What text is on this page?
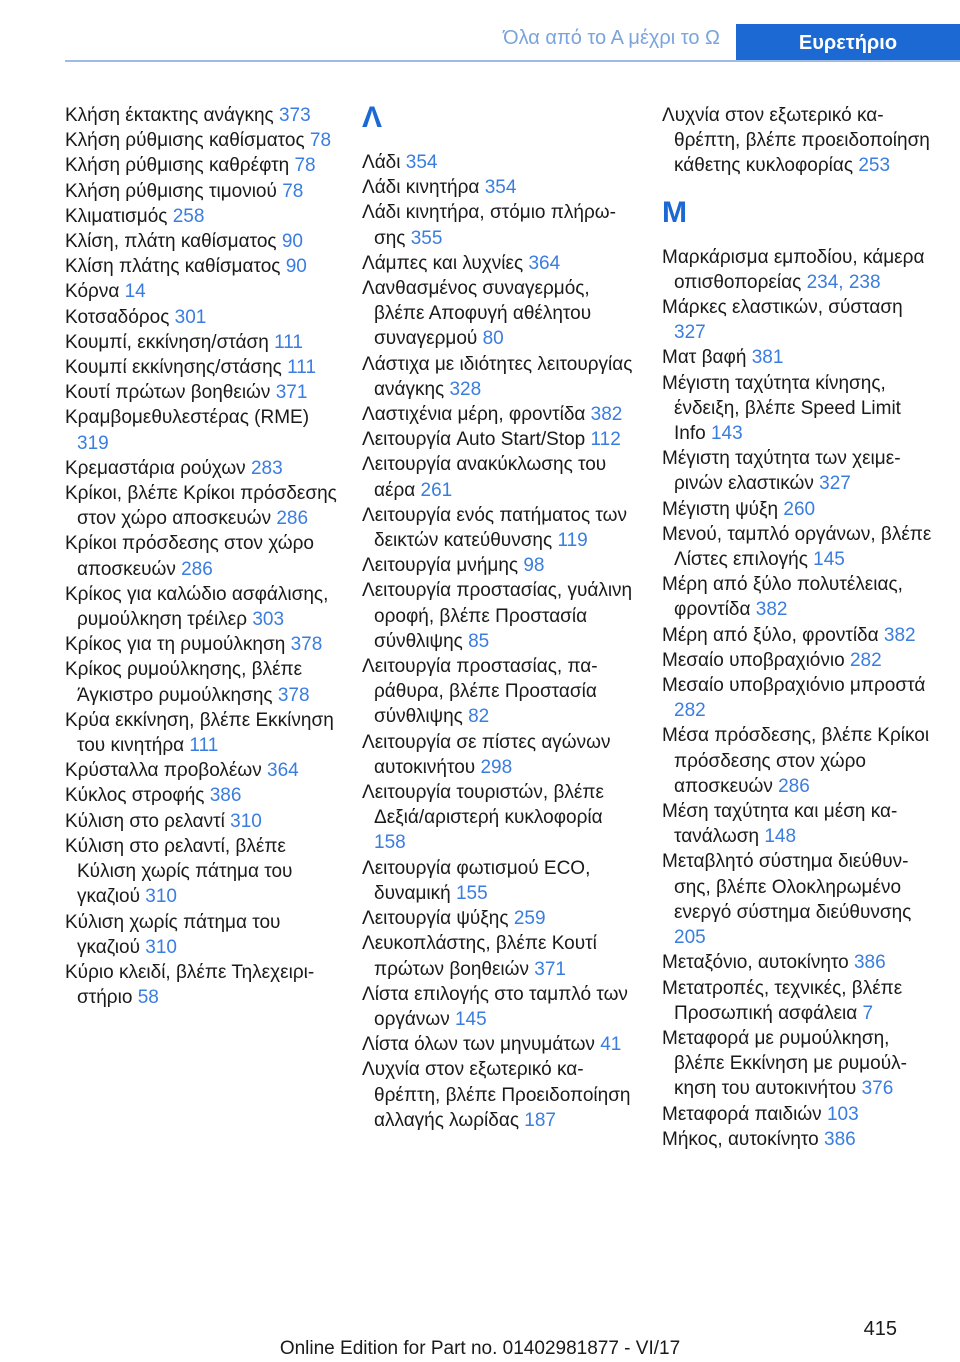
Όλα από το Α μέχρι το Ω	Ευρετήριο
Κλήση έκτακτης ανάγκης 373
Κλήση ρύθμισης καθίσματος 78
Κλήση ρύθμισης καθρέφτη 78
Κλήση ρύθμισης τιμονιού 78
Κλιματισμός 258
Κλίση, πλάτη καθίσματος 90
Κλίση πλάτης καθίσματος 90
Κόρνα 14
Κοτσαδόρος 301
Κουμπί, εκκίνηση/στάση 111
Κουμπί εκκίνησης/​στάσης 111
Κουτί πρώτων βοηθειών 371
Κραμβομεθυλεστέρας (RME) 319
Κρεμαστάρια ρούχων 283
Κρίκοι, βλέπε Κρίκοι πρόσδεσης στον χώρο αποσκευών 286
Κρίκοι πρόσδεσης στον χώρο αποσκευών 286
Κρίκος για καλώδιο ασφάλισης, ρυμούλκηση τρέιλερ 303
Κρίκος για τη ρυμούλκηση 378
Κρίκος ρυμούλκησης, βλέπε Άγκιστρο ρυμούλκησης 378
Κρύα εκκίνηση, βλέπε Εκκίνηση του κινητήρα 111
Κρύσταλλα προβολέων 364
Κύκλος στροφής 386
Κύλιση στο ρελαντί 310
Κύλιση στο ρελαντί, βλέπε Κύλιση χωρίς πάτημα του γκαζιού 310
Κύλιση χωρίς πάτημα του γκαζιού 310
Κύριο κλειδί, βλέπε Τηλεχειριστήριο 58
Λ
Λάδι 354
Λάδι κινητήρα 354
Λάδι κινητήρα, στόμιο πλήρωσης 355
Λάμπες και λυχνίες 364
Λανθασμένος συναγερμός, βλέπε Αποφυγή αθέλητου συναγερμού 80
Λάστιχα με ιδιότητες λειτουργίας ανάγκης 328
Λαστιχένια μέρη, φροντίδα 382
Λειτουργία Auto Start/​Stop 112
Λειτουργία ανακύκλωσης του αέρα 261
Λειτουργία ενός πατήματος των δεικτών κατεύθυνσης 119
Λειτουργία μνήμης 98
Λειτουργία προστασίας, γυάλινη οροφή, βλέπε Προστασία σύνθλιψης 85
Λειτουργία προστασίας, παράθυρα, βλέπε Προστασία σύνθλιψης 82
Λειτουργία σε πίστες αγώνων αυτοκινήτου 298
Λειτουργία τουριστών, βλέπε Δεξιά/αριστερή κυκλοφορία 158
Λειτουργία φωτισμού ECO, δυναμική 155
Λειτουργία ψύξης 259
Λευκοπλάστης, βλέπε Κουτί πρώτων βοηθειών 371
Λίστα επιλογής στο ταμπλό των οργάνων 145
Λίστα όλων των μηνυμάτων 41
Λυχνία στον εξωτερικό καθρέπτη, βλέπε Προειδοποίηση αλλαγής λωρίδας 187
Λυχνία στον εξωτερικό καθρέπτη, βλέπε προειδοποίηση κάθετης κυκλοφορίας 253
Μ
Μαρκάρισμα εμποδίου, κάμερα οπισθοπορείας 234, 238
Μάρκες ελαστικών, σύσταση 327
Ματ βαφή 381
Μέγιστη ταχύτητα κίνησης, ένδειξη, βλέπε Speed Limit Info 143
Μέγιστη ταχύτητα των χειμερινών ελαστικών 327
Μέγιστη ψύξη 260
Μενού, ταμπλό οργάνων, βλέπε Λίστες επιλογής 145
Μέρη από ξύλο πολυτέλειας, φροντίδα 382
Μέρη από ξύλο, φροντίδα 382
Μεσαίο υποβραχιόνιο 282
Μεσαίο υποβραχιόνιο μπροστά 282
Μέσα πρόσδεσης, βλέπε Κρίκοι πρόσδεσης στον χώρο αποσκευών 286
Μέση ταχύτητα και μέση κατανάλωση 148
Μεταβλητό σύστημα διεύθυνσης, βλέπε Ολοκληρωμένο ενεργό σύστημα διεύθυνσης 205
Μεταξόνιο, αυτοκίνητο 386
Μετατροπές, τεχνικές, βλέπε Προσωπική ασφάλεια 7
Μεταφορά με ρυμούλκηση, βλέπε Εκκίνηση με ρυμούλκηση του αυτοκινήτου 376
Μεταφορά παιδιών 103
Μήκος, αυτοκίνητο 386
415
Online Edition for Part no. 01402981877 - VI/17
